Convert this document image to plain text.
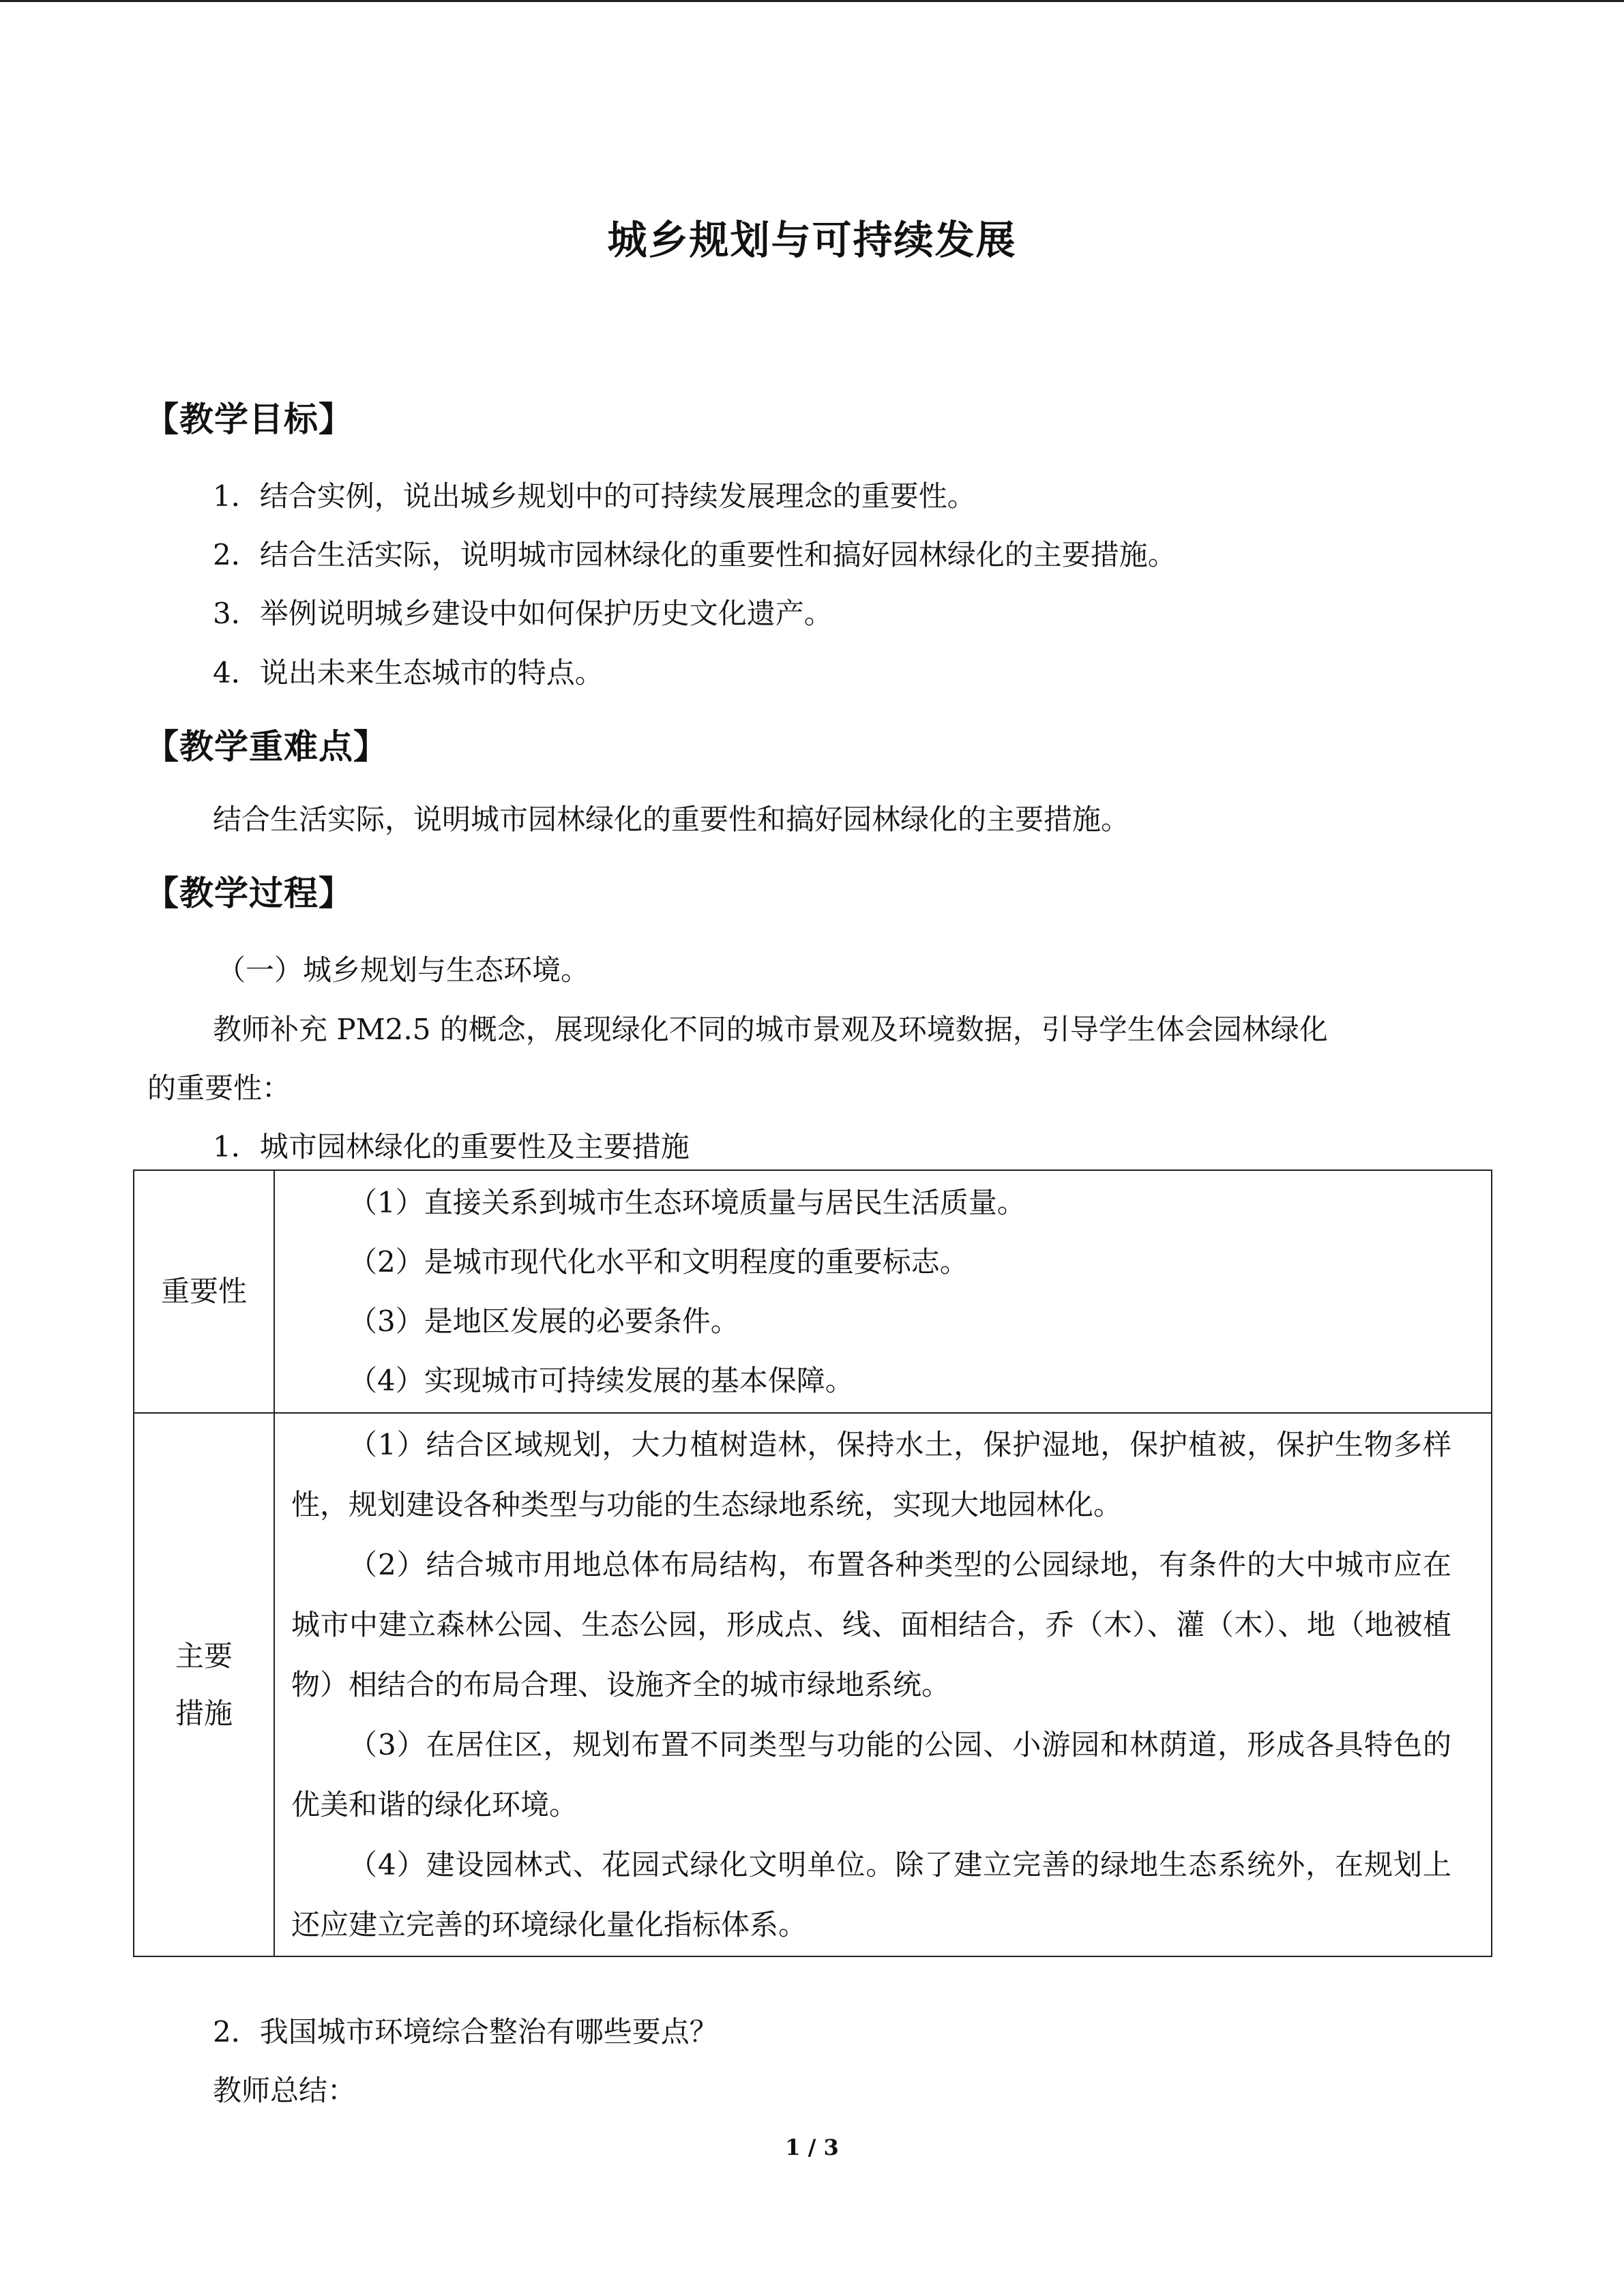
城乡规划与可持续发展
【教学目标】
1．结合实例，说出城乡规划中的可持续发展理念的重要性。
2．结合生活实际，说明城市园林绿化的重要性和搞好园林绿化的主要措施。
3．举例说明城乡建设中如何保护历史文化遗产。
4．说出未来生态城市的特点。
【教学重难点】
结合生活实际，说明城市园林绿化的重要性和搞好园林绿化的主要措施。
【教学过程】
（一）城乡规划与生态环境。
教师补充 PM2.5 的概念，展现绿化不同的城市景观及环境数据，引导学生体会园林绿化
的重要性：
1．城市园林绿化的重要性及主要措施
重要性	（1）直接关系到城市生态环境质量与居民生活质量。

（2）是城市现代化水平和文明程度的重要标志。

（3）是地区发展的必要条件。

（4）实现城市可持续发展的基本保障。

主要措施	（1）结合区域规划，大力植树造林，保持水土，保护湿地，保护植被，保护生物多样性，规划建设各种类型与功能的生态绿地系统，实现大地园林化。

（2）结合城市用地总体布局结构，布置各种类型的公园绿地，有条件的大中城市应在城市中建立森林公园、生态公园，形成点、线、面相结合，乔（木）、灌（木）、地（地被植物）相结合的布局合理、设施齐全的城市绿地系统。

（3）在居住区，规划布置不同类型与功能的公园、小游园和林荫道，形成各具特色的优美和谐的绿化环境。

（4）建设园林式、花园式绿化文明单位。除了建立完善的绿地生态系统外，在规划上还应建立完善的环境绿化量化指标体系。

2．我国城市环境综合整治有哪些要点？
教师总结：
1 / 3
